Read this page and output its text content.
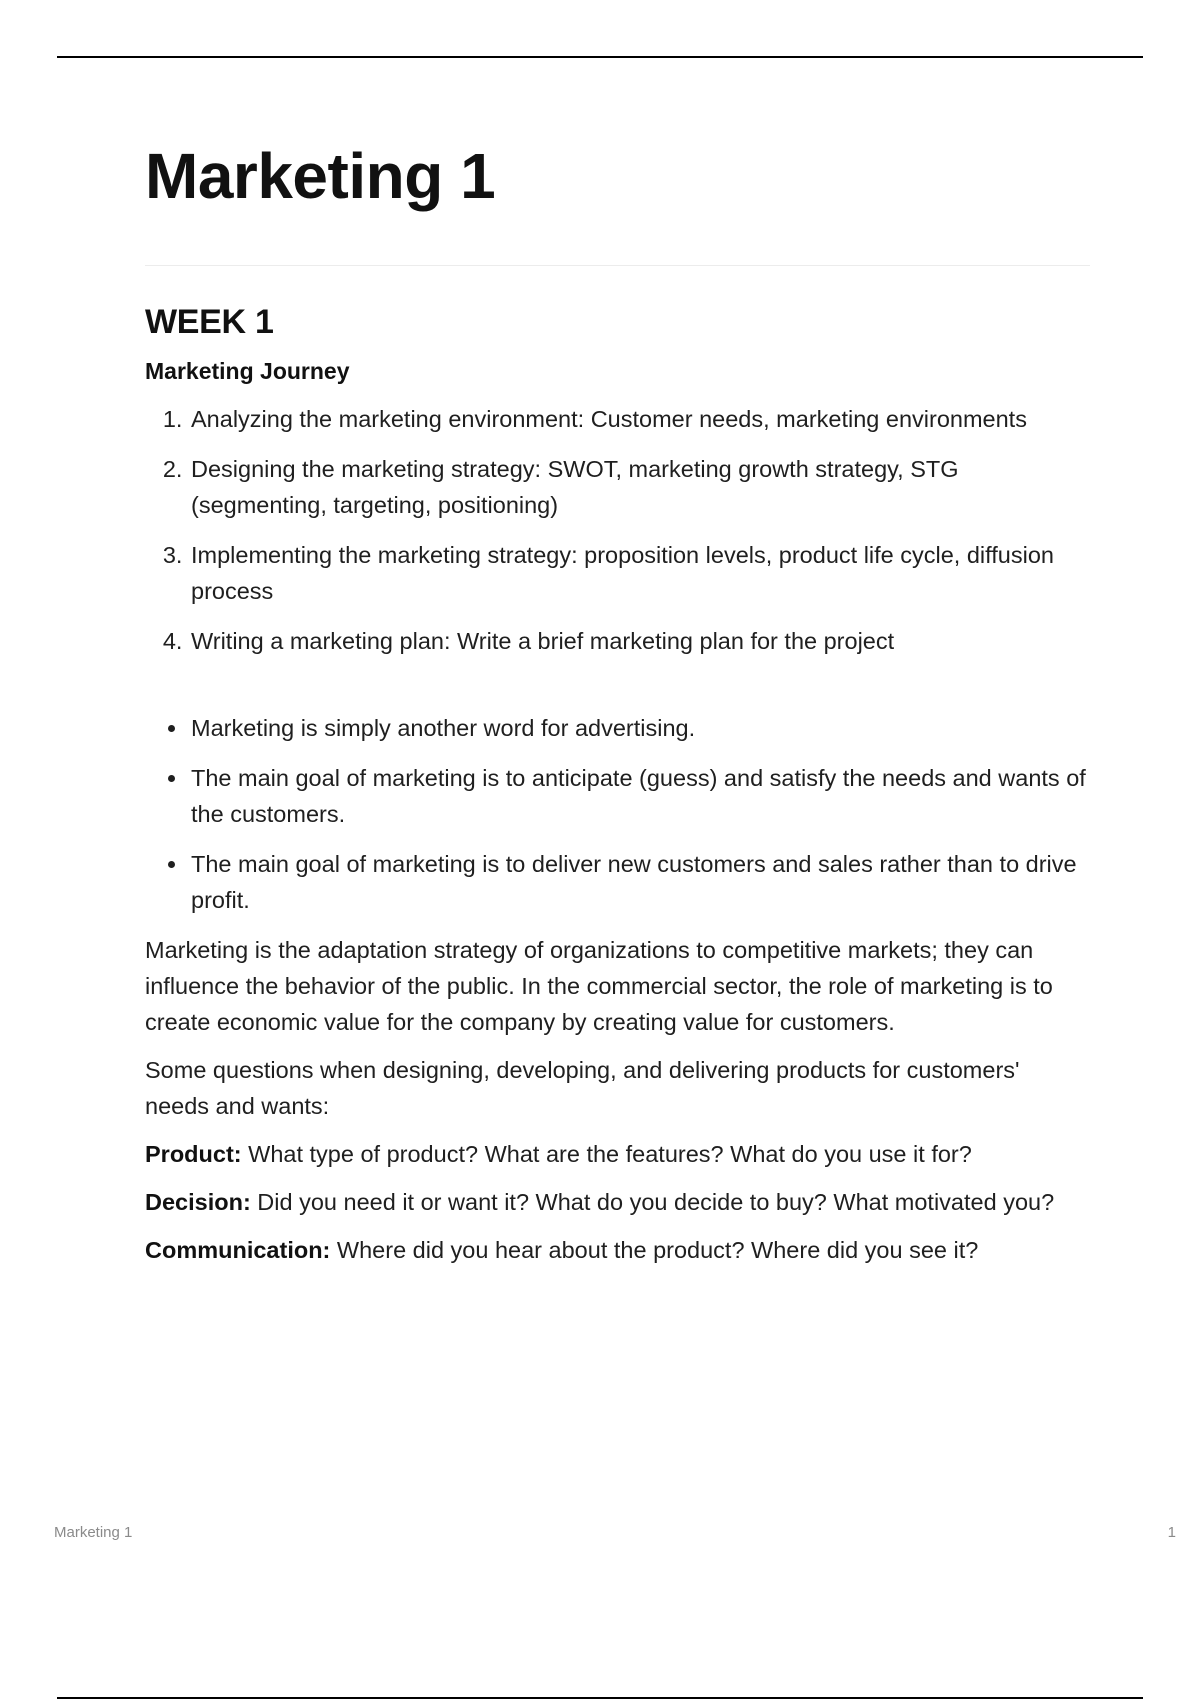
Marketing 1
WEEK 1
Marketing Journey
1. Analyzing the marketing environment: Customer needs, marketing environments
2. Designing the marketing strategy: SWOT, marketing growth strategy, STG (segmenting, targeting, positioning)
3. Implementing the marketing strategy: proposition levels, product life cycle, diffusion process
4. Writing a marketing plan: Write a brief marketing plan for the project
• Marketing is simply another word for advertising.
• The main goal of marketing is to anticipate (guess) and satisfy the needs and wants of the customers.
• The main goal of marketing is to deliver new customers and sales rather than to drive profit.

Marketing is the adaptation strategy of organizations to competitive markets; they can influence the behavior of the public. In the commercial sector, the role of marketing is to create economic value for the company by creating value for customers.

Some questions when designing, developing, and delivering products for customers' needs and wants:

Product: What type of product? What are the features? What do you use it for?

Decision: Did you need it or want it? What do you decide to buy? What motivated you?

Communication: Where did you hear about the product? Where did you see it?

Marketing 1	1
